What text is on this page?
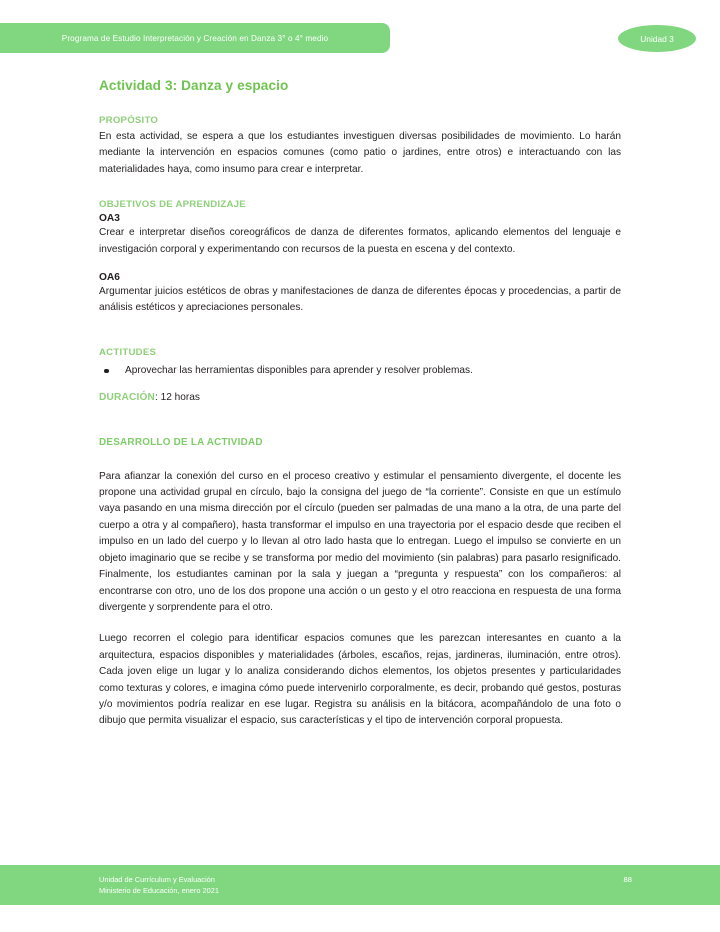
Programa de Estudio Interpretación y Creación en Danza 3° o 4° medio	Unidad 3
Actividad 3: Danza y espacio
PROPÓSITO

En esta actividad, se espera a que los estudiantes investiguen diversas posibilidades de movimiento. Lo harán mediante la intervención en espacios comunes (como patio o jardines, entre otros) e interactuando con las materialidades haya, como insumo para crear e interpretar.

OBJETIVOS DE APRENDIZAJE
OA3

Crear e interpretar diseños coreográficos de danza de diferentes formatos, aplicando elementos del lenguaje e investigación corporal y experimentando con recursos de la puesta en escena y del contexto.

OA6

Argumentar juicios estéticos de obras y manifestaciones de danza de diferentes épocas y procedencias, a partir de análisis estéticos y apreciaciones personales.

ACTITUDES
Aprovechar las herramientas disponibles para aprender y resolver problemas.

DURACIÓN: 12 horas

DESARROLLO DE LA ACTIVIDAD

Para afianzar la conexión del curso en el proceso creativo y estimular el pensamiento divergente, el docente les propone una actividad grupal en círculo, bajo la consigna del juego de “la corriente”. Consiste en que un estímulo vaya pasando en una misma dirección por el círculo (pueden ser palmadas de una mano a la otra, de una parte del cuerpo a otra y al compañero), hasta transformar el impulso en una trayectoria por el espacio desde que reciben el impulso en un lado del cuerpo y lo llevan al otro lado hasta que lo entregan. Luego el impulso se convierte en un objeto imaginario que se recibe y se transforma por medio del movimiento (sin palabras) para pasarlo resignificado. Finalmente, los estudiantes caminan por la sala y juegan a “pregunta y respuesta” con los compañeros: al encontrarse con otro, uno de los dos propone una acción o un gesto y el otro reacciona en respuesta de una forma divergente y sorprendente para el otro.

Luego recorren el colegio para identificar espacios comunes que les parezcan interesantes en cuanto a la arquitectura, espacios disponibles y materialidades (árboles, escaños, rejas, jardineras, iluminación, entre otros). Cada joven elige un lugar y lo analiza considerando dichos elementos, los objetos presentes y particularidades como texturas y colores, e imagina cómo puede intervenirlo corporalmente, es decir, probando qué gestos, posturas y/o movimientos podría realizar en ese lugar. Registra su análisis en la bitácora, acompañándolo de una foto o dibujo que permita visualizar el espacio, sus características y el tipo de intervención corporal propuesta.

Unidad de Currículum y Evaluación
Ministerio de Educación, enero 2021
88
